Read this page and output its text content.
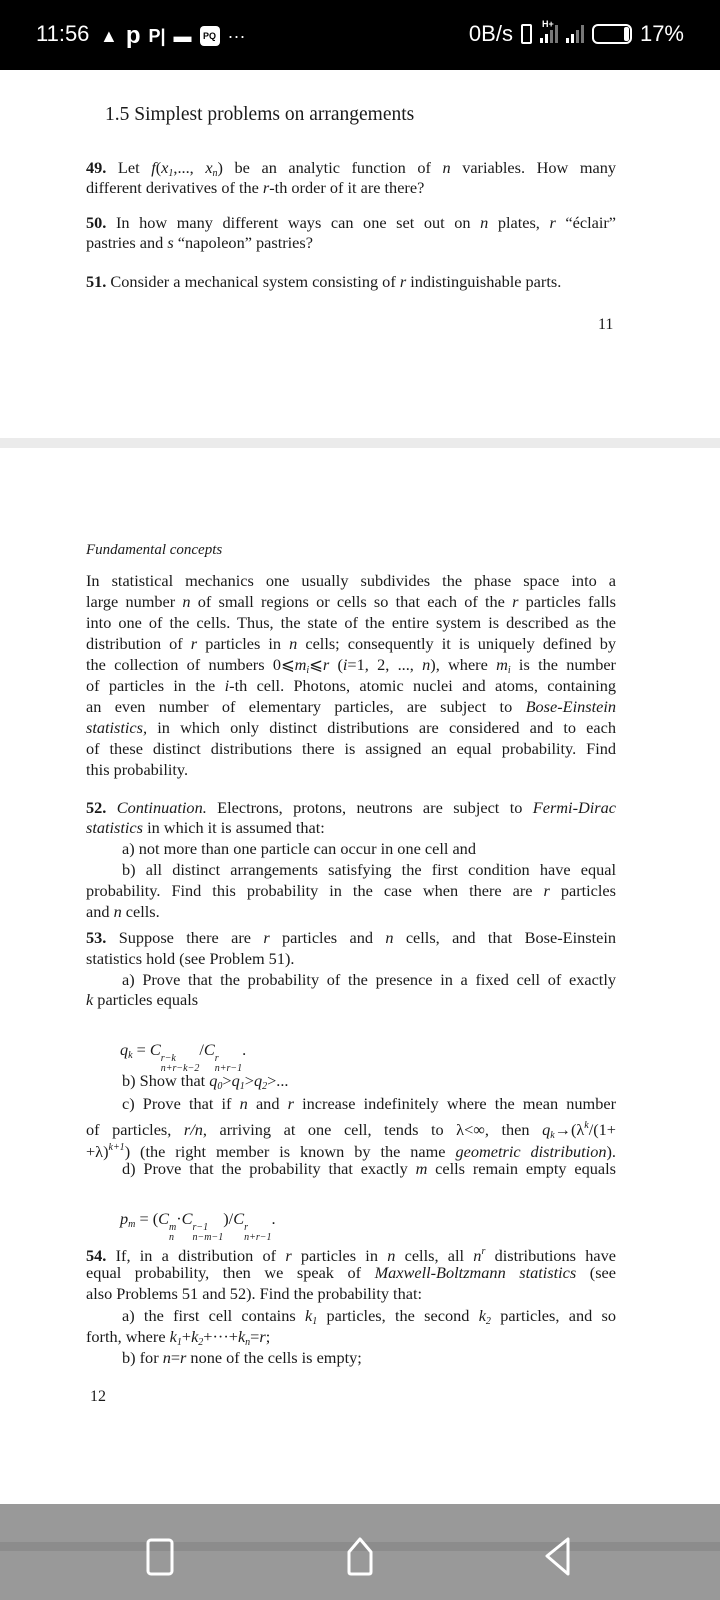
11:56 ▲ p P| ▬	PQ ···	0B/s	H+	17%
1.5 Simplest problems on arrangements
49. Let f(x1,..., xn) be an analytic function of n variables. How many
different derivatives of the r-th order of it are there?
50. In how many different ways can one set out on n plates, r “éclair”
pastries and s “napoleon” pastries?
51. Consider a mechanical system consisting of r indistinguishable parts.
11
Fundamental concepts
In statistical mechanics one usually subdivides the phase space into a
large number n of small regions or cells so that each of the r particles falls
into one of the cells. Thus, the state of the entire system is described as the
distribution of r particles in n cells; consequently it is uniquely defined by
the collection of numbers 0⩽mi⩽r (i=1, 2, ..., n), where mi is the number
of particles in the i-th cell. Photons, atomic nuclei and atoms, containing
an even number of elementary particles, are subject to Bose-Einstein
statistics, in which only distinct distributions are considered and to each
of these distinct distributions there is assigned an equal probability. Find
this probability.
52. Continuation. Electrons, protons, neutrons are subject to Fermi-Dirac
statistics in which it is assumed that:
a) not more than one particle can occur in one cell and
b) all distinct arrangements satisfying the first condition have equal
probability. Find this probability in the case when there are r particles
and n cells.
53. Suppose there are r particles and n cells, and that Bose-Einstein
statistics hold (see Problem 51).
a) Prove that the probability of the presence in a fixed cell of exactly
k particles equals
qk = C r−k
n+r−k−2
/C r
n+r−1
.
b) Show that q0>q1>q2>...
c) Prove that if n and r increase indefinitely where the mean number
of particles, r/n, arriving at one cell, tends to λ<∞, then $qk\to(\lambda^k/(1+$
+λ)$^{k+1}$) (the right member is known by the name geometric distribution).
d) Prove that the probability that exactly m cells remain empty equals
pm = (C m
n
·C r−1
n−m−1
)/C r
n+r−1
.
54. If, in a distribution of r particles in n cells, all $n^r$ distributions have
equal probability, then we speak of Maxwell-Boltzmann statistics (see
also Problems 51 and 52). Find the probability that:
a) the first cell contains k1 particles, the second k2 particles, and so
forth, where k1+k2+···+kn=r;
b) for n=r none of the cells is empty;
12
